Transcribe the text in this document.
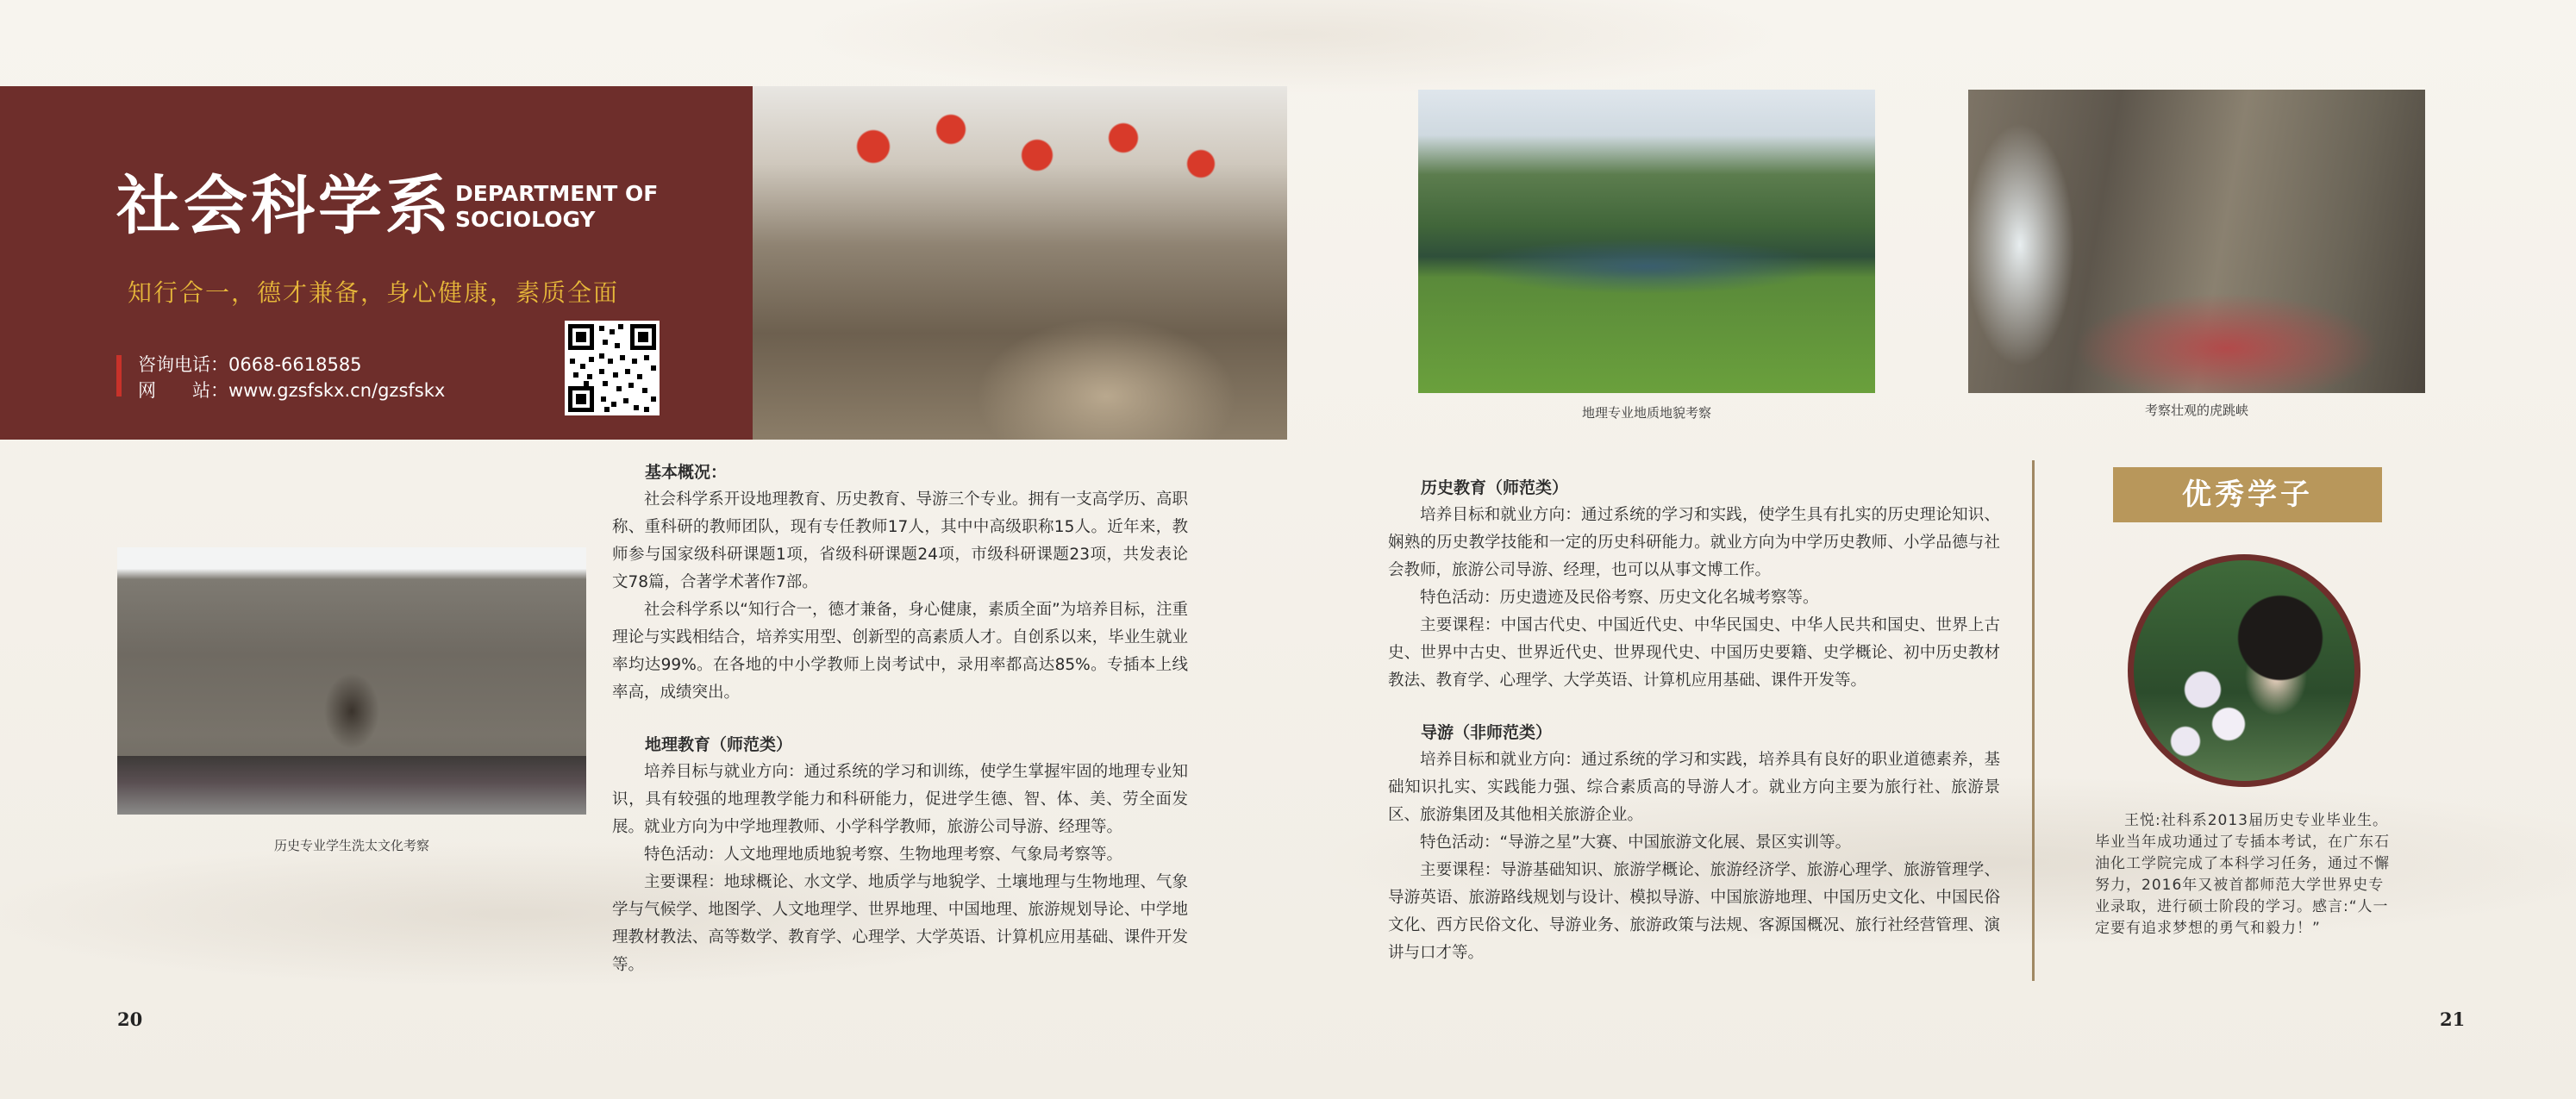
社会科学系 DEPARTMENT OF
SOCIOLOGY
知行合一，德才兼备，身心健康，素质全面
咨询电话：0668-6618585
网　　站：www.gzsfskx.cn/gzsfskx
地理专业地质地貌考察	考察壮观的虎跳峡
历史专业学生洗太文化考察
基本概况：

社会科学系开设地理教育、历史教育、导游三个专业。拥有一支高学历、高职称、重科研的教师团队，现有专任教师17人，其中中高级职称15人。近年来，教师参与国家级科研课题1项，省级科研课题24项，市级科研课题23项，共发表论文78篇，合著学术著作7部。

社会科学系以“知行合一，德才兼备，身心健康，素质全面”为培养目标，注重理论与实践相结合，培养实用型、创新型的高素质人才。自创系以来，毕业生就业率均达99%。在各地的中小学教师上岗考试中，录用率都高达85%。专插本上线率高，成绩突出。

地理教育（师范类）

培养目标与就业方向：通过系统的学习和训练，使学生掌握牢固的地理专业知识，具有较强的地理教学能力和科研能力，促进学生德、智、体、美、劳全面发展。就业方向为中学地理教师、小学科学教师，旅游公司导游、经理等。

特色活动：人文地理地质地貌考察、生物地理考察、气象局考察等。

主要课程：地球概论、水文学、地质学与地貌学、土壤地理与生物地理、气象学与气候学、地图学、人文地理学、世界地理、中国地理、旅游规划导论、中学地理教材教法、高等数学、教育学、心理学、大学英语、计算机应用基础、课件开发等。

历史教育（师范类）

培养目标和就业方向：通过系统的学习和实践，使学生具有扎实的历史理论知识、娴熟的历史教学技能和一定的历史科研能力。就业方向为中学历史教师、小学品德与社会教师，旅游公司导游、经理，也可以从事文博工作。

特色活动：历史遗迹及民俗考察、历史文化名城考察等。

主要课程：中国古代史、中国近代史、中华民国史、中华人民共和国史、世界上古史、世界中古史、世界近代史、世界现代史、中国历史要籍、史学概论、初中历史教材教法、教育学、心理学、大学英语、计算机应用基础、课件开发等。

导游（非师范类）

培养目标和就业方向：通过系统的学习和实践，培养具有良好的职业道德素养，基础知识扎实、实践能力强、综合素质高的导游人才。就业方向主要为旅行社、旅游景区、旅游集团及其他相关旅游企业。

特色活动：“导游之星”大赛、中国旅游文化展、景区实训等。

主要课程：导游基础知识、旅游学概论、旅游经济学、旅游心理学、旅游管理学、导游英语、旅游路线规划与设计、模拟导游、中国旅游地理、中国历史文化、中国民俗文化、西方民俗文化、导游业务、旅游政策与法规、客源国概况、旅行社经营管理、演讲与口才等。

优秀学子

王悦:社科系2013届历史专业毕业生。毕业当年成功通过了专插本考试，在广东石油化工学院完成了本科学习任务，通过不懈努力，2016年又被首都师范大学世界史专业录取，进行硕士阶段的学习。感言:“人一定要有追求梦想的勇气和毅力！”

20	21
